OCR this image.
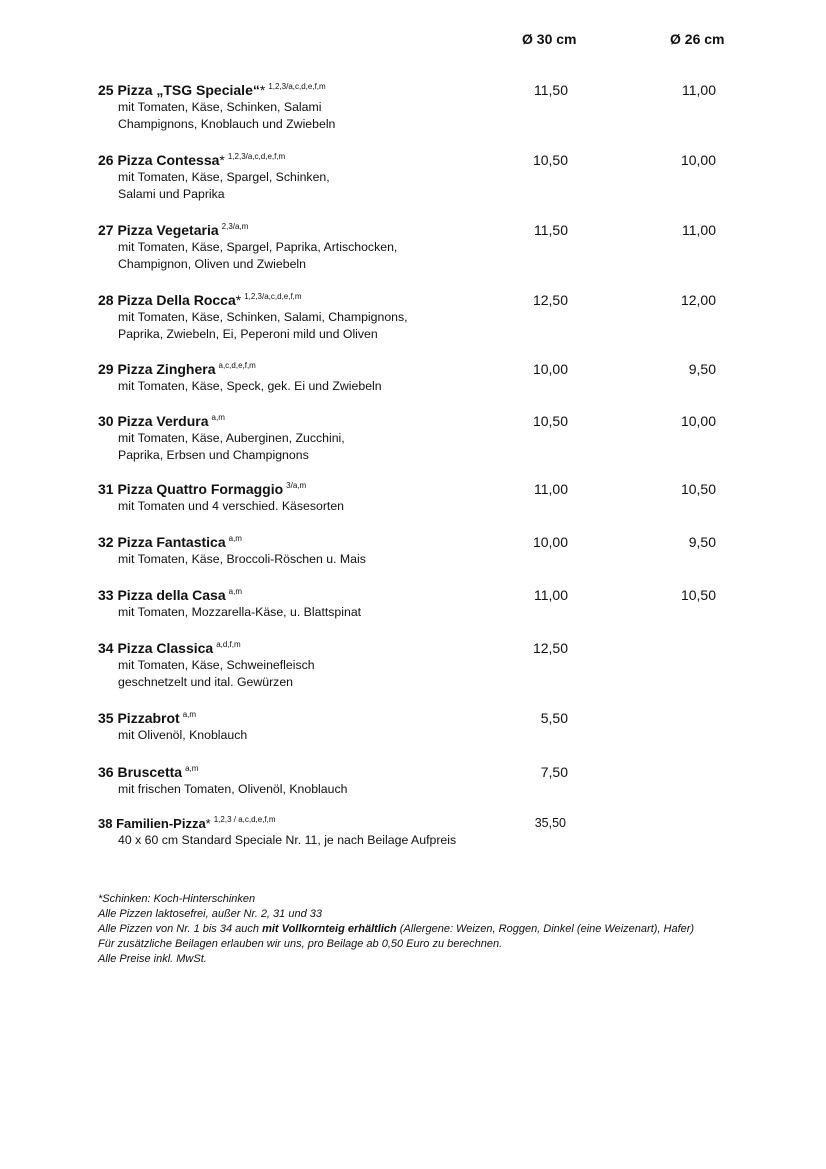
Ø 30 cm	Ø 26 cm
25 Pizza „TSG Speciale“* $^{1,2,3/a,c,d,e,f,m}$
mit Tomaten, Käse, Schinken, Salami
Champignons, Knoblauch und Zwiebeln
11,50	11,00
26 Pizza Contessa* $^{1,2,3/a,c,d,e,f,m}$
mit Tomaten, Käse, Spargel, Schinken,
Salami und Paprika
10,50	10,00
27 Pizza Vegetaria $^{2,3/a,m}$
mit Tomaten, Käse, Spargel, Paprika, Artischocken,
Champignon, Oliven und Zwiebeln
11,50	11,00
28 Pizza Della Rocca* $^{1,2,3/a,c,d,e,f,m}$
mit Tomaten, Käse, Schinken, Salami, Champignons,
Paprika, Zwiebeln, Ei, Peperoni mild und Oliven
12,50	12,00
29 Pizza Zinghera $^{a,c,d,e,f,m}$
mit Tomaten, Käse, Speck, gek. Ei und Zwiebeln
10,00	9,50
30 Pizza Verdura $^{a,m}$
mit Tomaten, Käse, Auberginen, Zucchini,
Paprika, Erbsen und Champignons
10,50	10,00
31 Pizza Quattro Formaggio $^{3/a,m}$
mit Tomaten und 4 verschied. Käsesorten
11,00	10,50
32 Pizza Fantastica $^{a,m}$
mit Tomaten, Käse, Broccoli-Röschen u. Mais
10,00	9,50
33 Pizza della Casa $^{a,m}$
mit Tomaten, Mozzarella-Käse, u. Blattspinat
11,00	10,50
34 Pizza Classica $^{a,d,f,m}$
mit Tomaten, Käse, Schweinefleisch
geschnetzelt und ital. Gewürzen
12,50
35 Pizzabrot $^{a,m}$
mit Olivenöl, Knoblauch
5,50
36 Bruscetta $^{a,m}$
mit frischen Tomaten, Olivenöl, Knoblauch
7,50
38 Familien-Pizza* $^{1,2,3 / a,c,d,e,f,m}$
40 x 60 cm Standard Speciale Nr. 11, je nach Beilage Aufpreis
35,50
*Schinken: Koch-Hinterschinken
Alle Pizzen laktosefrei, außer Nr. 2, 31 und 33
Alle Pizzen von Nr. 1 bis 34 auch mit Vollkornteig erhältlich (Allergene: Weizen, Roggen, Dinkel (eine Weizenart), Hafer)
Für zusätzliche Beilagen erlauben wir uns, pro Beilage ab 0,50 Euro zu berechnen.
Alle Preise inkl. MwSt.
